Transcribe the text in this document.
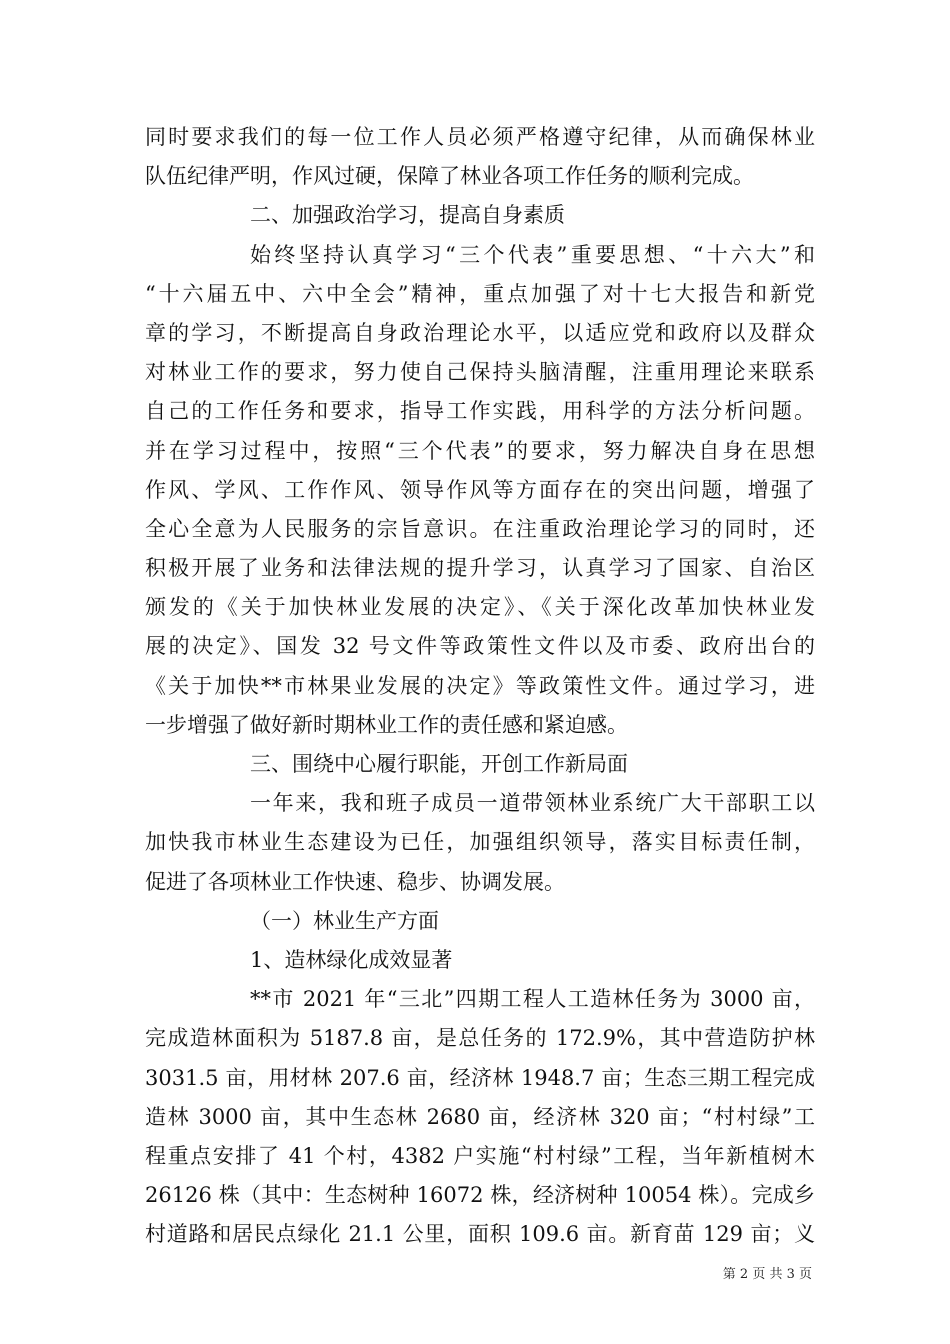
同时要求我们的每一位工作人员必须严格遵守纪律，从而确保林业
队伍纪律严明，作风过硬，保障了林业各项工作任务的顺利完成。
二、加强政治学习，提高自身素质
始终坚持认真学习“三个代表”重要思想、“十六大”和
“十六届五中、六中全会”精神，重点加强了对十七大报告和新党
章的学习，不断提高自身政治理论水平，以适应党和政府以及群众
对林业工作的要求，努力使自己保持头脑清醒，注重用理论来联系
自己的工作任务和要求，指导工作实践，用科学的方法分析问题。
并在学习过程中，按照“三个代表”的要求，努力解决自身在思想
作风、学风、工作作风、领导作风等方面存在的突出问题，增强了
全心全意为人民服务的宗旨意识。在注重政治理论学习的同时，还
积极开展了业务和法律法规的提升学习，认真学习了国家、自治区
颁发的《关于加快林业发展的决定》、《关于深化改革加快林业发
展的决定》、国发 32 号文件等政策性文件以及市委、政府出台的
《关于加快**市林果业发展的决定》等政策性文件。通过学习，进
一步增强了做好新时期林业工作的责任感和紧迫感。
三、围绕中心履行职能，开创工作新局面
一年来，我和班子成员一道带领林业系统广大干部职工以
加快我市林业生态建设为已任，加强组织领导，落实目标责任制，
促进了各项林业工作快速、稳步、协调发展。
（一）林业生产方面
1、造林绿化成效显著
**市 2021 年“三北”四期工程人工造林任务为 3000 亩，
完成造林面积为 5187.8 亩，是总任务的 172.9%，其中营造防护林
3031.5 亩，用材林 207.6 亩，经济林 1948.7 亩；生态三期工程完成
造林 3000 亩，其中生态林 2680 亩，经济林 320 亩；“村村绿”工
程重点安排了 41 个村，4382 户实施“村村绿”工程，当年新植树木
26126 株（其中：生态树种 16072 株，经济树种 10054 株）。完成乡
村道路和居民点绿化 21.1 公里，面积 109.6 亩。新育苗 129 亩；义
第 2 页 共 3 页
